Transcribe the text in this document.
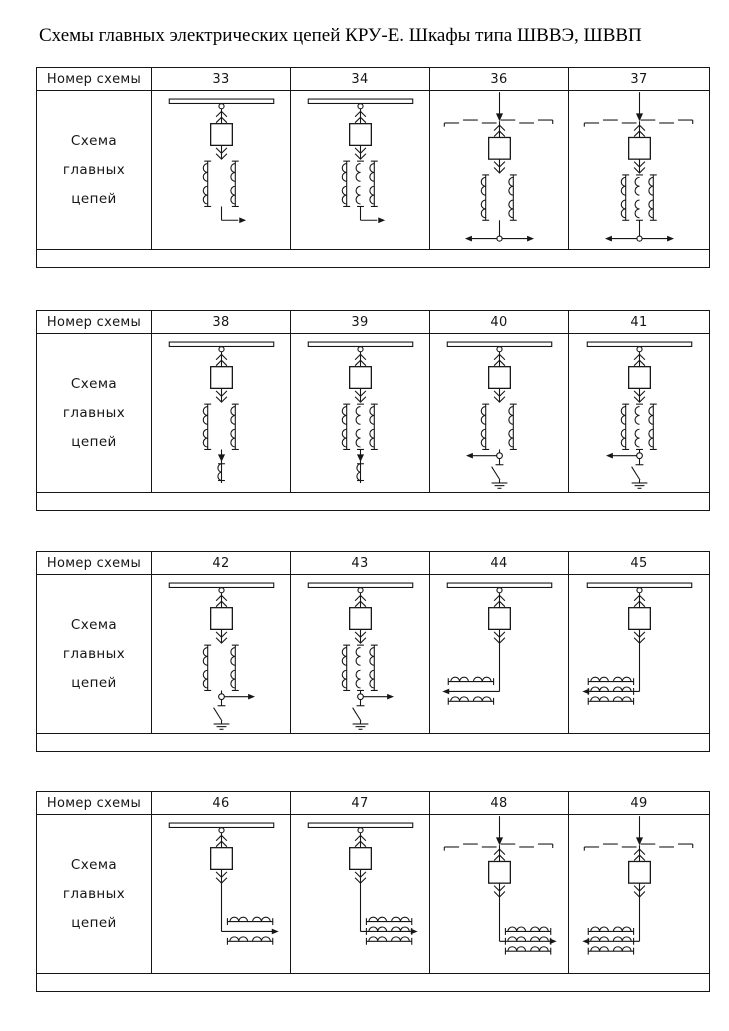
Схемы главных электрических цепей КРУ-Е. Шкафы типа ШВВЭ, ШВВП
Номер схемы	33	34	36	37
Схема
главных
цепей
Номер схемы	38	39	40	41
Схема
главных
цепей
Номер схемы	42	43	44	45
Схема
главных
цепей
Номер схемы	46	47	48	49
Схема
главных
цепей
